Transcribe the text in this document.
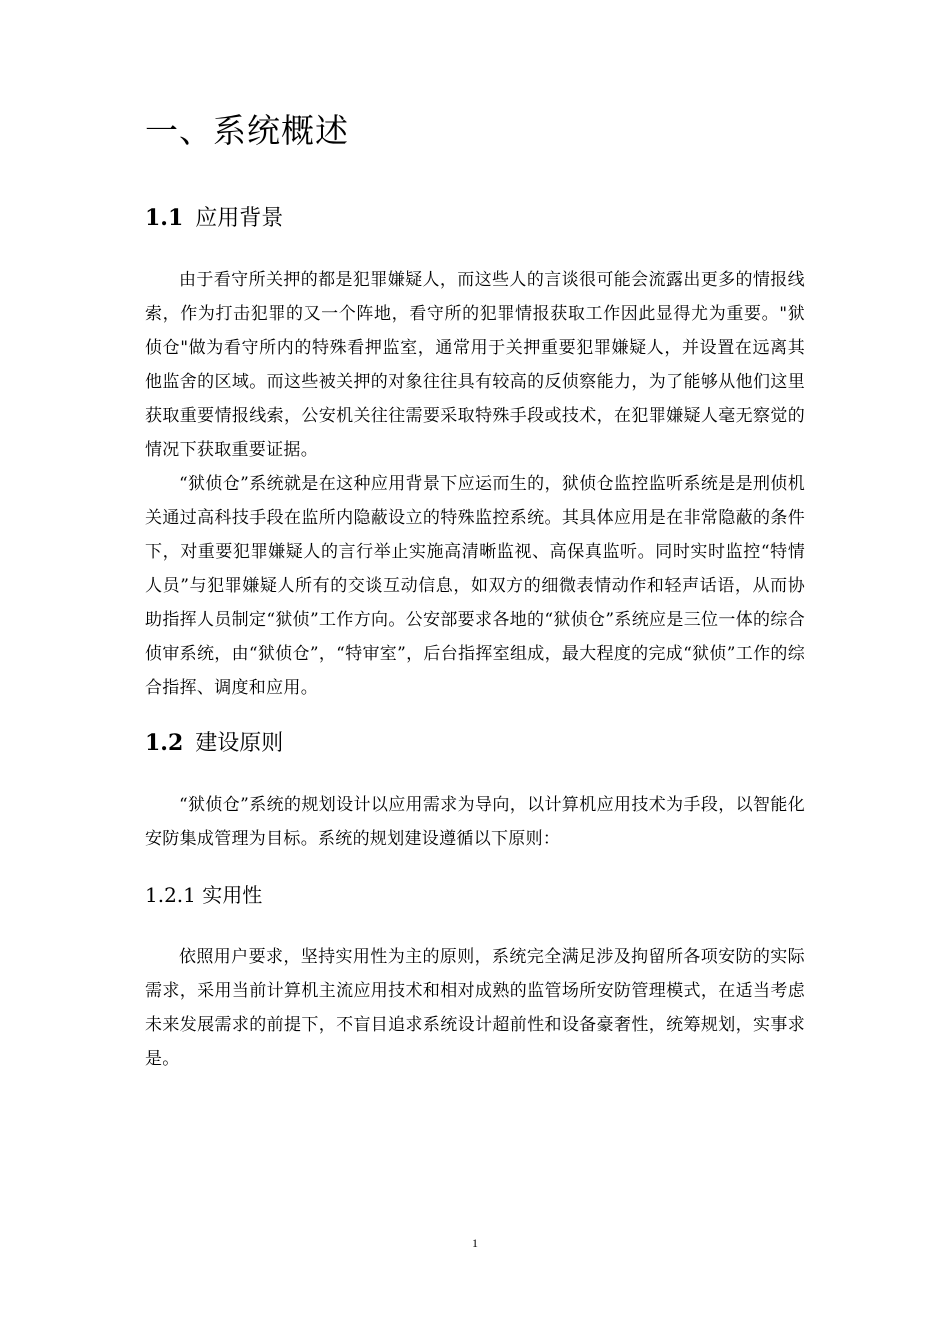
一、系统概述
1.1 应用背景

由于看守所关押的都是犯罪嫌疑人，而这些人的言谈很可能会流露出更多的情报线索，作为打击犯罪的又一个阵地，看守所的犯罪情报获取工作因此显得尤为重要。"狱侦仓"做为看守所内的特殊看押监室，通常用于关押重要犯罪嫌疑人，并设置在远离其他监舍的区域。而这些被关押的对象往往具有较高的反侦察能力，为了能够从他们这里获取重要情报线索，公安机关往往需要采取特殊手段或技术，在犯罪嫌疑人毫无察觉的情况下获取重要证据。

“狱侦仓”系统就是在这种应用背景下应运而生的，狱侦仓监控监听系统是是刑侦机关通过高科技手段在监所内隐蔽设立的特殊监控系统。其具体应用是在非常隐蔽的条件下，对重要犯罪嫌疑人的言行举止实施高清晰监视、高保真监听。同时实时监控“特情人员”与犯罪嫌疑人所有的交谈互动信息，如双方的细微表情动作和轻声话语，从而协助指挥人员制定“狱侦”工作方向。公安部要求各地的“狱侦仓”系统应是三位一体的综合侦审系统，由“狱侦仓”，“特审室”，后台指挥室组成，最大程度的完成“狱侦”工作的综合指挥、调度和应用。

1.2 建设原则

“狱侦仓”系统的规划设计以应用需求为导向，以计算机应用技术为手段，以智能化安防集成管理为目标。系统的规划建设遵循以下原则：

1.2.1 实用性

依照用户要求，坚持实用性为主的原则，系统完全满足涉及拘留所各项安防的实际需求，采用当前计算机主流应用技术和相对成熟的监管场所安防管理模式，在适当考虑未来发展需求的前提下，不盲目追求系统设计超前性和设备豪奢性，统筹规划，实事求是。

1
